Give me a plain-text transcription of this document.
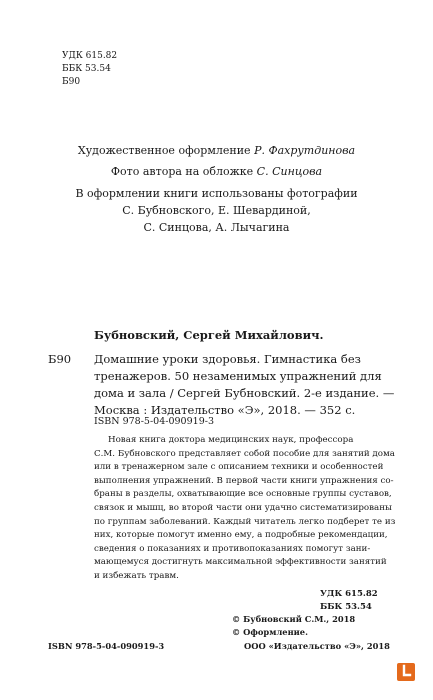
УДК 615.82
ББК 53.54
Б90
Художественное оформление Р. Фахрутдинова
Фото автора на обложке С. Синцова
В оформлении книги использованы фотографии
С. Бубновского, Е. Шевардиной,
С. Синцова, А. Лычагина
Бубновский, Сергей Михайлович.
Б90 Домашние уроки здоровья. Гимнастика без
тренажеров. 50 незаменимых упражнений для
дома и зала / Сергей Бубновский. 2-е издание. —
Москва : Издательство «Э», 2018. — 352 с.
ISBN 978-5-04-090919-3

Новая книга доктора медицинских наук, профессора

С.М. Бубновского представляет собой пособие для занятий дома

или в тренажерном зале с описанием техники и особенностей

выполнения упражнений. В первой части книги упражнения со-

браны в разделы, охватывающие все основные группы суставов,

связок и мышц, во второй части они удачно систематизированы

по группам заболеваний. Каждый читатель легко подберет те из

них, которые помогут именно ему, а подробные рекомендации,

сведения о показаниях и противопоказаниях помогут зани-

мающемуся достигнуть максимальной эффективности занятий

и избежать травм.

УДК 615.82
ББК 53.54
© Бубновский С.М., 2018
© Оформление.
ООО «Издательство «Э», 2018
ISBN 978-5-04-090919-3
